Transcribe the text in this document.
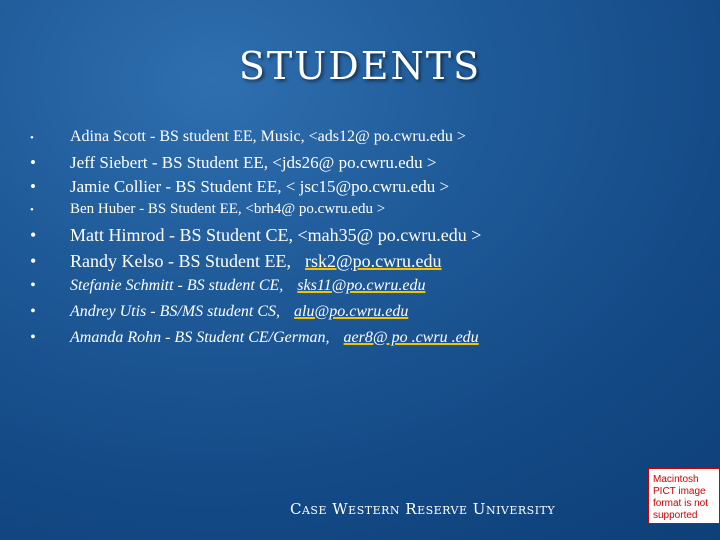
STUDENTS
•	Adina Scott - BS student EE, Music, <ads12@ po.cwru.edu >
•	Jeff Siebert - BS Student EE, <jds26@ po.cwru.edu >
•	Jamie Collier - BS Student EE, < jsc15@po.cwru.edu >
•	Ben Huber - BS Student EE, <brh4@ po.cwru.edu >
•	Matt Himrod - BS Student CE, <mah35@ po.cwru.edu >
•	Randy Kelso - BS Student EE, rsk2@po.cwru.edu
•	Stefanie Schmitt - BS student CE, sks11@po.cwru.edu
•	Andrey Utis - BS/MS student CS, alu@po.cwru.edu
•	Amanda Rohn - BS Student CE/German, aer8@ po .cwru .edu
Case Western Reserve University
Macintosh PICT image format is not supported
